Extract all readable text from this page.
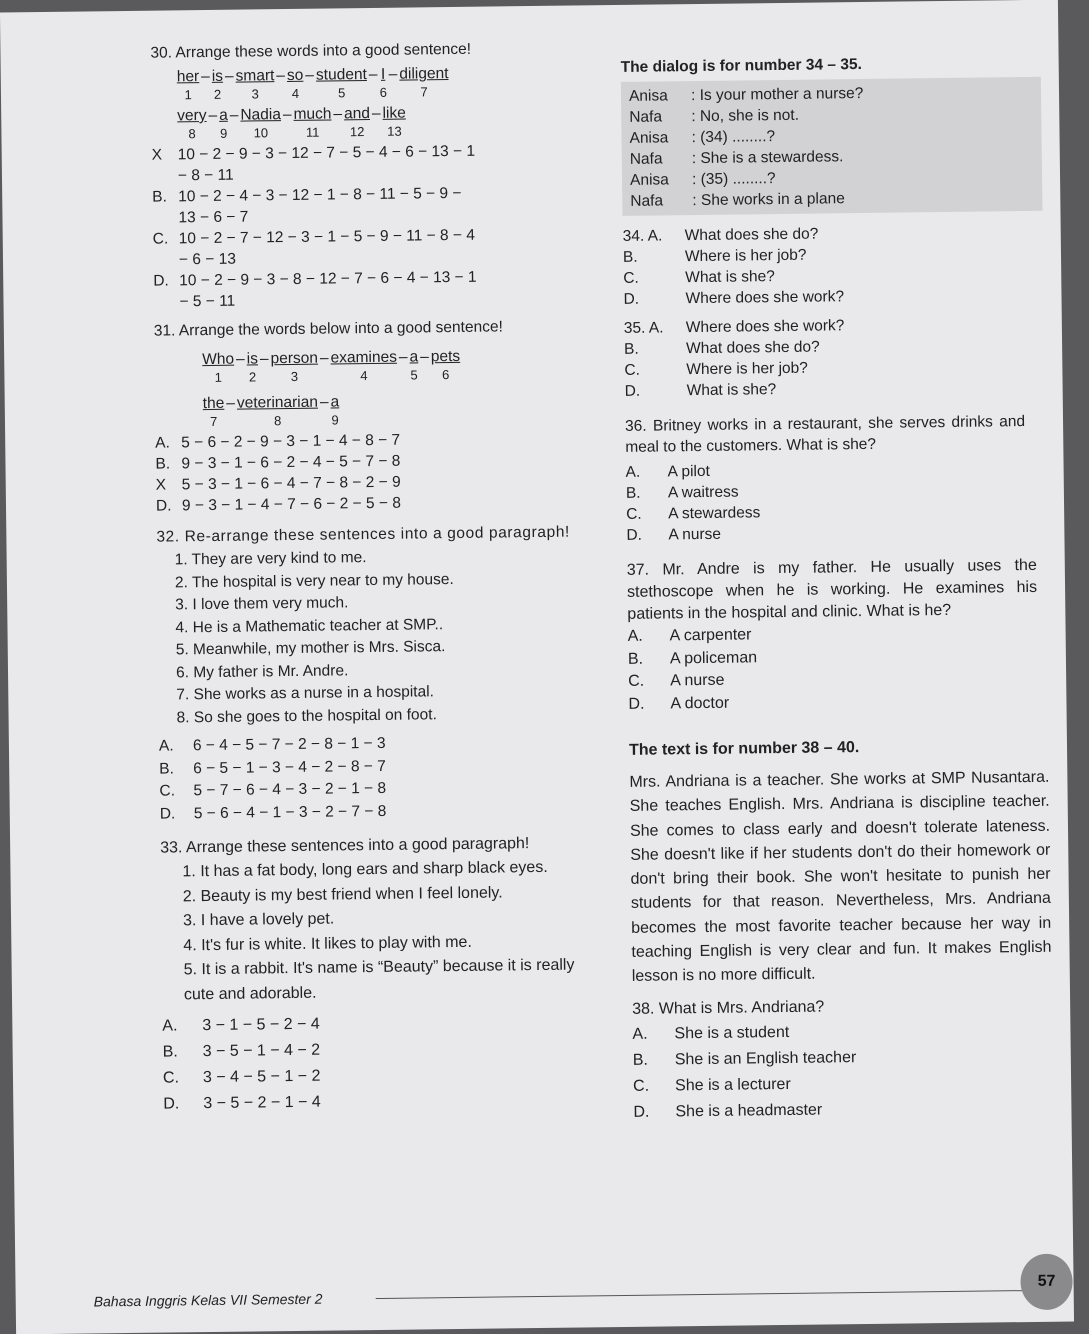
30. Arrange these words into a good sentence!
her
1
– is
2
– smart
3
– so
4
– student
5
– I
6
– diligent
7
very
8
– a
9
– Nadia
10
– much
11
– and
12
– like
13
X 10 − 2 − 9 − 3 − 12 − 7 − 5 − 4 − 6 − 13 − 1
− 8 − 11
B. 10 − 2 − 4 − 3 − 12 − 1 − 8 − 11 − 5 − 9 −
13 − 6 − 7
C. 10 − 2 − 7 − 12 − 3 − 1 − 5 − 9 − 11 − 8 − 4
− 6 − 13
D. 10 − 2 − 9 − 3 − 8 − 12 − 7 − 6 − 4 − 13 − 1
− 5 − 11
31. Arrange the words below into a good sentence!
Who
1
– is
2
– person
3
– examines
4
– a
5
– pets
6
the
7
– veterinarian
8
– a
9
A. 5 − 6 − 2 − 9 − 3 − 1 − 4 − 8 − 7
B. 9 − 3 − 1 − 6 − 2 − 4 − 5 − 7 − 8
X 5 − 3 − 1 − 6 − 4 − 7 − 8 − 2 − 9
D. 9 − 3 − 1 − 4 − 7 − 6 − 2 − 5 − 8
32. Re-arrange these sentences into a good paragraph!
1. They are very kind to me.
2. The hospital is very near to my house.
3. I love them very much.
4. He is a Mathematic teacher at SMP..
5. Meanwhile, my mother is Mrs. Sisca.
6. My father is Mr. Andre.
7. She works as a nurse in a hospital.
8. So she goes to the hospital on foot.
A.	6 − 4 − 5 − 7 − 2 − 8 − 1 − 3
B.	6 − 5 − 1 − 3 − 4 − 2 − 8 − 7
C.	5 − 7 − 6 − 4 − 3 − 2 − 1 − 8
D.	5 − 6 − 4 − 1 − 3 − 2 − 7 − 8
33. Arrange these sentences into a good paragraph!
1. It has a fat body, long ears and sharp black eyes.
2. Beauty is my best friend when I feel lonely.
3. I have a lovely pet.
4. It's fur is white. It likes to play with me.
5. It is a rabbit. It's name is “Beauty” because it is really cute and adorable.
A.	3 − 1 − 5 − 2 − 4
B.	3 − 5 − 1 − 4 − 2
C.	3 − 4 − 5 − 1 − 2
D.	3 − 5 − 2 − 1 − 4
The dialog is for number 34 – 35.
Anisa	: Is your mother a nurse?
Nafa	: No, she is not.
Anisa	: (34) ........?
Nafa	: She is a stewardess.
Anisa	: (35) ........?
Nafa	: She works in a plane
34. A.	What does she do?
B.	Where is her job?
C.	What is she?
D.	Where does she work?
35. A.	Where does she work?
B.	What does she do?
C.	Where is her job?
D.	What is she?
36. Britney works in a restaurant, she serves drinks and meal to the customers. What is she?
A.	A pilot
B.	A waitress
C.	A stewardess
D.	A nurse
37. Mr. Andre is my father. He usually uses the stethoscope when he is working. He examines his patients in the hospital and clinic. What is he?
A.	A carpenter
B.	A policeman
C.	A nurse
D.	A doctor
The text is for number 38 – 40.
Mrs. Andriana is a teacher. She works at SMP Nusantara. She teaches English. Mrs. Andriana is discipline teacher. She comes to class early and doesn't tolerate lateness. She doesn't like if her students don't do their homework or don't bring their book. She won't hesitate to punish her students for that reason. Nevertheless, Mrs. Andriana becomes the most favorite teacher because her way in teaching English is very clear and fun. It makes English lesson is no more difficult.
38. What is Mrs. Andriana?
A.	She is a student
B.	She is an English teacher
C.	She is a lecturer
D.	She is a headmaster
Bahasa Inggris Kelas VII Semester 2
57
